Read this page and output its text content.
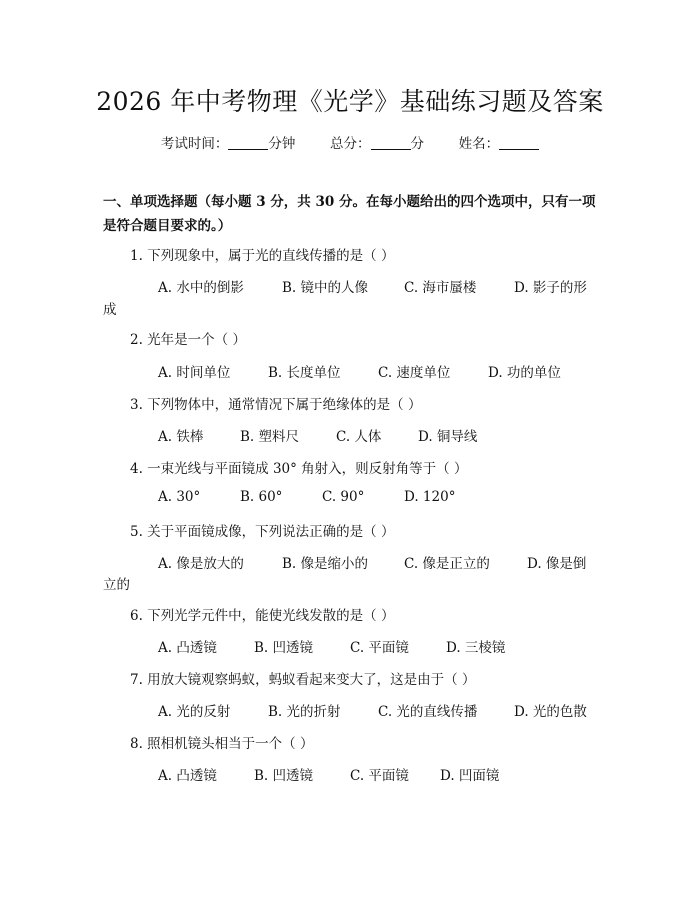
2026 年中考物理《光学》基础练习题及答案
考试时间：	分钟	总分：	分	姓名：
一、单项选择题（每小题 3 分，共 30 分。在每小题给出的四个选项中，只有一项是符合题目要求的。）
1. 下列现象中，属于光的直线传播的是（ ）
A. 水中的倒影	B. 镜中的人像	C. 海市蜃楼	D. 影子的形
成
2. 光年是一个（ ）
A. 时间单位	B. 长度单位	C. 速度单位	D. 功的单位
3. 下列物体中，通常情况下属于绝缘体的是（ ）
A. 铁棒	B. 塑料尺	C. 人体	D. 铜导线
4. 一束光线与平面镜成 30° 角射入，则反射角等于（ ）
A. 30°	B. 60°	C. 90°	D. 120°
5. 关于平面镜成像，下列说法正确的是（ ）
A. 像是放大的	B. 像是缩小的	C. 像是正立的	D. 像是倒
立的
6. 下列光学元件中，能使光线发散的是（ ）
A. 凸透镜	B. 凹透镜	C. 平面镜	D. 三棱镜
7. 用放大镜观察蚂蚁，蚂蚁看起来变大了，这是由于（ ）
A. 光的反射	B. 光的折射	C. 光的直线传播	D. 光的色散
8. 照相机镜头相当于一个（ ）
A. 凸透镜	B. 凹透镜	C. 平面镜 D. 凹面镜
